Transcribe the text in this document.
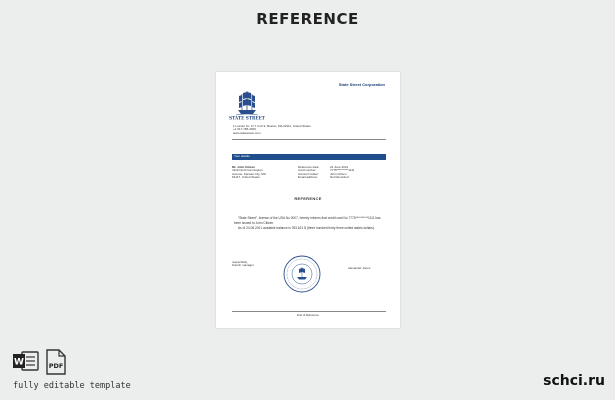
REFERENCE
State Street Corporation
STATE STREET
1 Lincoln St., Fl 7 to Fl 9, Boston, MA 02111, United States
+1 617-786-3000
www.statestreet.com
Your details
Mr. John Citizen
4119 North Farmington
Avenue, Kansas City, MO
64117, United States
Reference date:	24 June 2021
Card number:	7775**********1111
Account holder:	John Citizen
Email address:	Not Recorded
REFERENCE
"State Street", license of the USA No 0007, hereby informs that credit card No 7775**********1111 has been issued to John Citizen.
As of 24.06.2021 available balance is 393,621 $ (three hundred thirty three united states dollars).
respectfully,
branch manager
Alexander Jones
End of Reference
W	PDF
fully editable template	schci.ru
